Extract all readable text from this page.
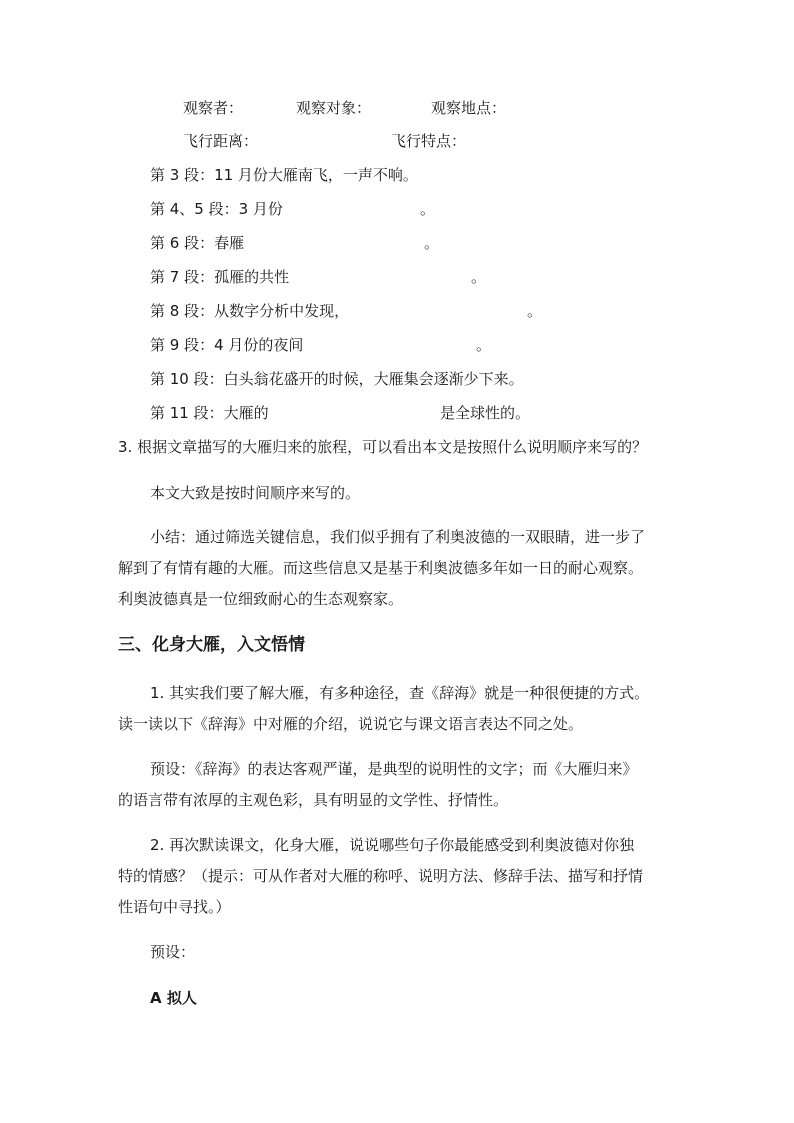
观察者：	观察对象：	观察地点：
飞行距离：	飞行特点：
第 3 段：11 月份大雁南飞，一声不响。
第 4、5 段：3 月份	。
第 6 段：春雁	。
第 7 段：孤雁的共性	。
第 8 段：从数字分析中发现，	。
第 9 段：4 月份的夜间	。
第 10 段：白头翁花盛开的时候，大雁集会逐渐少下来。
第 11 段：大雁的	是全球性的。
3. 根据文章描写的大雁归来的旅程，可以看出本文是按照什么说明顺序来写的？
本文大致是按时间顺序来写的。
小结：通过筛选关键信息，我们似乎拥有了利奥波德的一双眼睛，进一步了
解到了有情有趣的大雁。而这些信息又是基于利奥波德多年如一日的耐心观察。
利奥波德真是一位细致耐心的生态观察家。
三、化身大雁，入文悟情
1. 其实我们要了解大雁，有多种途径，查《辞海》就是一种很便捷的方式。
读一读以下《辞海》中对雁的介绍，说说它与课文语言表达不同之处。
预设：《辞海》的表达客观严谨，是典型的说明性的文字；而《大雁归来》
的语言带有浓厚的主观色彩，具有明显的文学性、抒情性。
2. 再次默读课文，化身大雁，说说哪些句子你最能感受到利奥波德对你独
特的情感？（提示：可从作者对大雁的称呼、说明方法、修辞手法、描写和抒情
性语句中寻找。）
预设：
A 拟人
